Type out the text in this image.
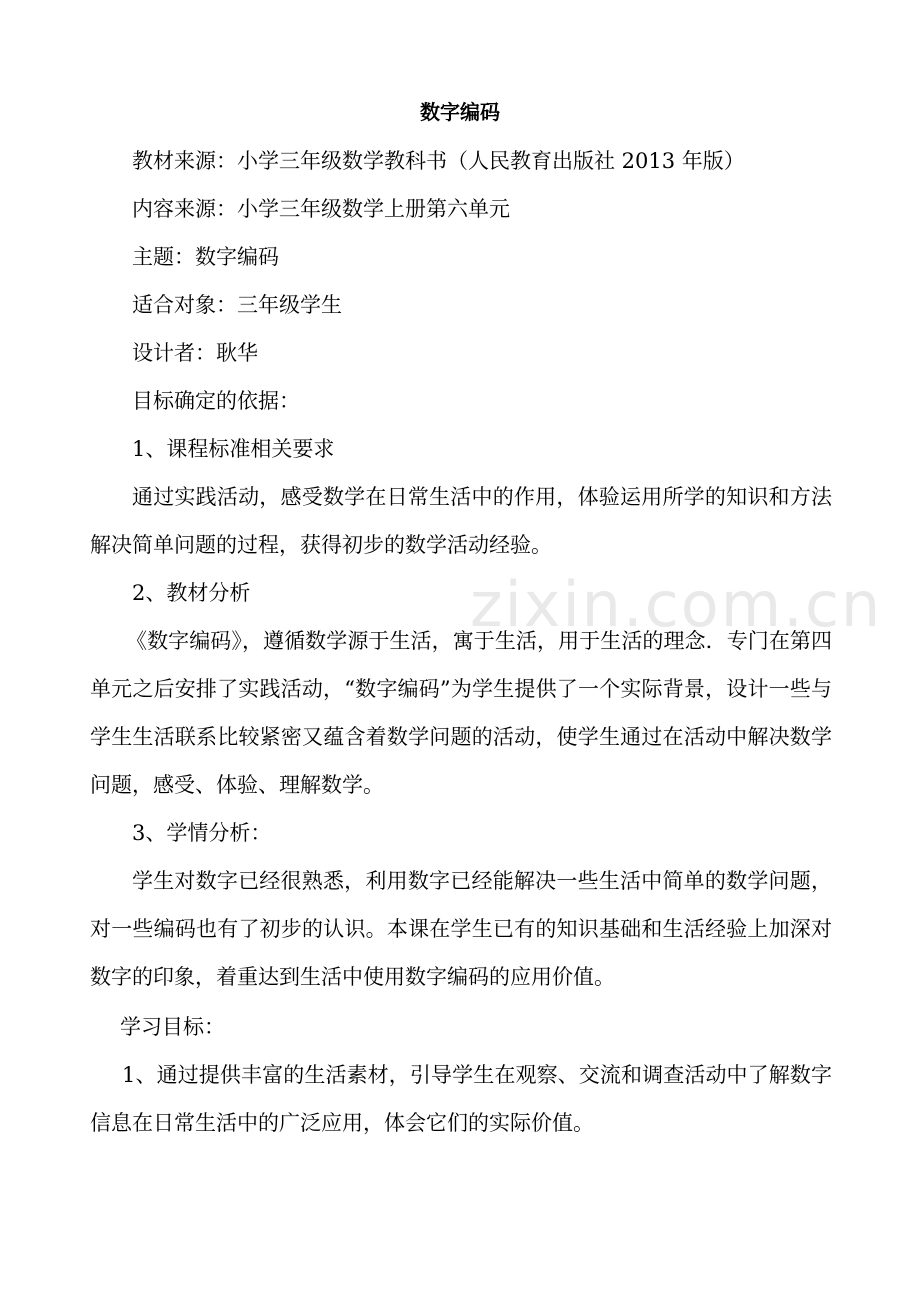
zixin.com.cn
数字编码
教材来源：小学三年级数学教科书（人民教育出版社 2013 年版）
内容来源：小学三年级数学上册第六单元
主题：数字编码
适合对象：三年级学生
设计者：耿华
目标确定的依据：
1、课程标准相关要求
通过实践活动，感受数学在日常生活中的作用，体验运用所学的知识和方法解决简单问题的过程，获得初步的数学活动经验。
2、教材分析
《数字编码》，遵循数学源于生活，寓于生活，用于生活的理念．专门在第四单元之后安排了实践活动，“数字编码”为学生提供了一个实际背景，设计一些与学生生活联系比较紧密又蕴含着数学问题的活动，使学生通过在活动中解决数学问题，感受、体验、理解数学。
3、学情分析：
学生对数字已经很熟悉，利用数字已经能解决一些生活中简单的数学问题，对一些编码也有了初步的认识。本课在学生已有的知识基础和生活经验上加深对数字的印象，着重达到生活中使用数字编码的应用价值。
学习目标：
1、通过提供丰富的生活素材，引导学生在观察、交流和调查活动中了解数字信息在日常生活中的广泛应用，体会它们的实际价值。
